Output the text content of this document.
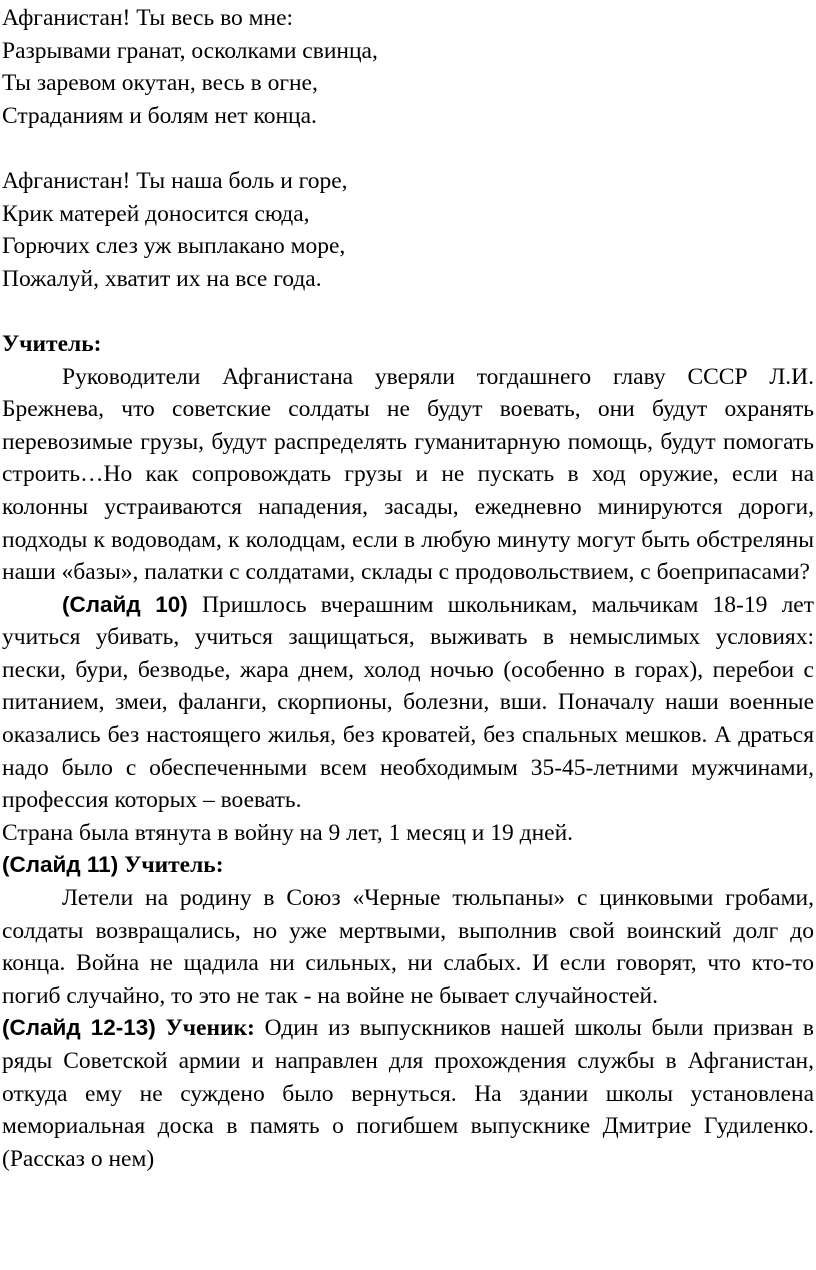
Афганистан! Ты весь во мне:
Разрывами гранат, осколками свинца,
Ты заревом окутан, весь в огне,
Страданиям и болям нет конца.
Афганистан! Ты наша боль и горе,
Крик матерей доносится сюда,
Горючих слез уж выплакано море,
Пожалуй, хватит их на все года.

Учитель:

Руководители Афганистана уверяли тогдашнего главу СССР Л.И. Брежнева, что советские солдаты не будут воевать, они будут охранять перевозимые грузы, будут распределять гуманитарную помощь, будут помогать строить…Но как сопровождать грузы и не пускать в ход оружие, если на колонны устраиваются нападения, засады, ежедневно минируются дороги, подходы к водоводам, к колодцам, если в любую минуту могут быть обстреляны наши «базы», палатки с солдатами, склады с продовольствием, с боеприпасами?

(Слайд 10) Пришлось вчерашним школьникам, мальчикам 18-19 лет учиться убивать, учиться защищаться, выживать в немыслимых условиях: пески, бури, безводье, жара днем, холод ночью (особенно в горах), перебои с питанием, змеи, фаланги, скорпионы, болезни, вши. Поначалу наши военные оказались без настоящего жилья, без кроватей, без спальных мешков. А драться надо было с обеспеченными всем необходимым 35-45-летними мужчинами, профессия которых – воевать.

Страна была втянута в войну на 9 лет, 1 месяц и 19 дней.

(Слайд 11) Учитель:

Летели на родину в Союз «Черные тюльпаны» с цинковыми гробами, солдаты возвращались, но уже мертвыми, выполнив свой воинский долг до конца. Война не щадила ни сильных, ни слабых. И если говорят, что кто-то погиб случайно, то это не так - на войне не бывает случайностей.

(Слайд 12-13) Ученик: Один из выпускников нашей школы были призван в ряды Советской армии и направлен для прохождения службы в Афганистан, откуда ему не суждено было вернуться. На здании школы установлена мемориальная доска в память о погибшем выпускнике Дмитрие Гудиленко. (Рассказ о нем)
